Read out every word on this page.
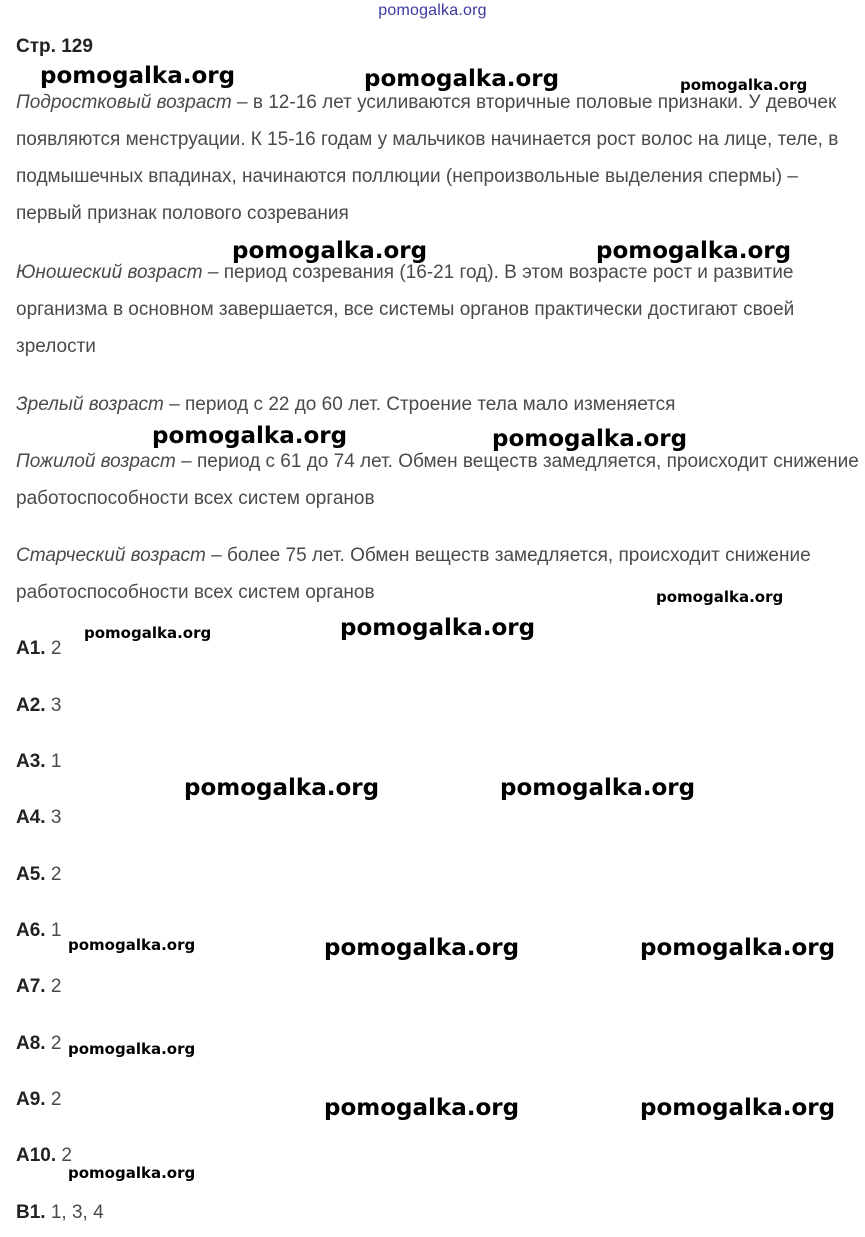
pomogalka.org
Стр. 129

Подростковый возраст – в 12-16 лет усиливаются вторичные половые признаки. У девочек появляются менструации. К 15-16 годам у мальчиков начинается рост волос на лице, теле, в подмышечных впадинах, начинаются поллюции (непроизвольные выделения спермы) – первый признак полового созревания

Юношеский возраст – период созревания (16-21 год). В этом возрасте рост и развитие организма в основном завершается, все системы органов практически достигают своей зрелости

Зрелый возраст – период с 22 до 60 лет. Строение тела мало изменяется

Пожилой возраст – период с 61 до 74 лет. Обмен веществ замедляется, происходит снижение работоспособности всех систем органов

Старческий возраст – более 75 лет. Обмен веществ замедляется, происходит снижение работоспособности всех систем органов

А1. 2
А2. 3
А3. 1
А4. 3
А5. 2
А6. 1
А7. 2
А8. 2
А9. 2
А10. 2
В1. 1, 3, 4
pomogalka.org	pomogalka.org	pomogalka.org
pomogalka.org	pomogalka.org
pomogalka.org	pomogalka.org
pomogalka.org
pomogalka.org	pomogalka.org
pomogalka.org	pomogalka.org
pomogalka.org	pomogalka.org	pomogalka.org
pomogalka.org
pomogalka.org	pomogalka.org
pomogalka.org
